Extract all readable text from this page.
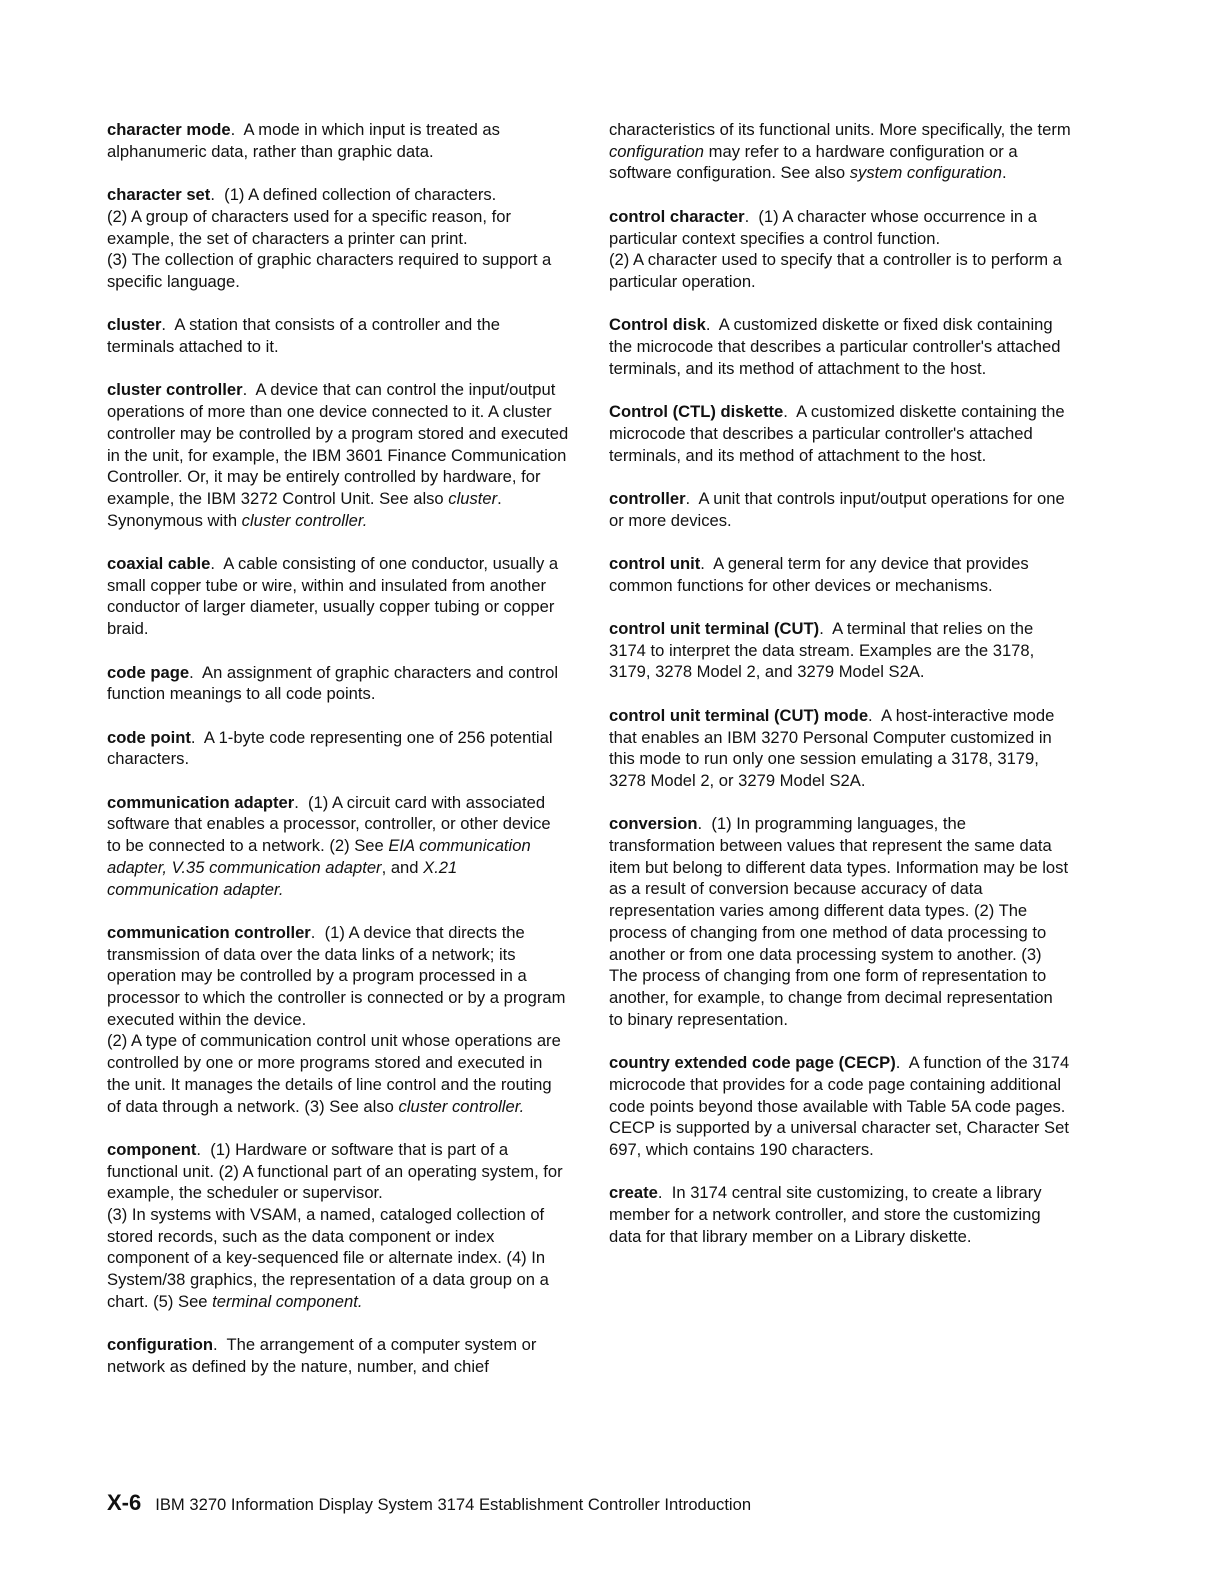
character mode.  A mode in which input is treated as alphanumeric data, rather than graphic data.

character set.  (1) A defined collection of characters.
(2) A group of characters used for a specific reason, for example, the set of characters a printer can print.
(3) The collection of graphic characters required to support a specific language.

cluster.  A station that consists of a controller and the terminals attached to it.

cluster controller.  A device that can control the input/output operations of more than one device connected to it. A cluster controller may be controlled by a program stored and executed in the unit, for example, the IBM 3601 Finance Communication Controller. Or, it may be entirely controlled by hardware, for example, the IBM 3272 Control Unit. See also cluster. Synonymous with cluster controller.

coaxial cable.  A cable consisting of one conductor, usually a small copper tube or wire, within and insulated from another conductor of larger diameter, usually copper tubing or copper braid.

code page.  An assignment of graphic characters and control function meanings to all code points.

code point.  A 1-byte code representing one of 256 potential characters.

communication adapter.  (1) A circuit card with associated software that enables a processor, controller, or other device to be connected to a network. (2) See EIA communication adapter, V.35 communication adapter, and X.21 communication adapter.

communication controller.  (1) A device that directs the transmission of data over the data links of a network; its operation may be controlled by a program processed in a processor to which the controller is connected or by a program executed within the device.
(2) A type of communication control unit whose operations are controlled by one or more programs stored and executed in the unit. It manages the details of line control and the routing of data through a network. (3) See also cluster controller.

component.  (1) Hardware or software that is part of a functional unit. (2) A functional part of an operating system, for example, the scheduler or supervisor.
(3) In systems with VSAM, a named, cataloged collection of stored records, such as the data component or index component of a key-sequenced file or alternate index. (4) In System/38 graphics, the representation of a data group on a chart. (5) See terminal component.

configuration.  The arrangement of a computer system or network as defined by the nature, number, and chief

characteristics of its functional units. More specifically, the term configuration may refer to a hardware configuration or a software configuration. See also system configuration.

control character.  (1) A character whose occurrence in a particular context specifies a control function.
(2) A character used to specify that a controller is to perform a particular operation.

Control disk.  A customized diskette or fixed disk containing the microcode that describes a particular controller's attached terminals, and its method of attachment to the host.

Control (CTL) diskette.  A customized diskette containing the microcode that describes a particular controller's attached terminals, and its method of attachment to the host.

controller.  A unit that controls input/output operations for one or more devices.

control unit.  A general term for any device that provides common functions for other devices or mechanisms.

control unit terminal (CUT).  A terminal that relies on the 3174 to interpret the data stream. Examples are the 3178, 3179, 3278 Model 2, and 3279 Model S2A.

control unit terminal (CUT) mode.  A host-interactive mode that enables an IBM 3270 Personal Computer customized in this mode to run only one session emulating a 3178, 3179, 3278 Model 2, or 3279 Model S2A.

conversion.  (1) In programming languages, the transformation between values that represent the same data item but belong to different data types. Information may be lost as a result of conversion because accuracy of data representation varies among different data types. (2) The process of changing from one method of data processing to another or from one data processing system to another. (3) The process of changing from one form of representation to another, for example, to change from decimal representation to binary representation.

country extended code page (CECP).  A function of the 3174 microcode that provides for a code page containing additional code points beyond those available with Table 5A code pages. CECP is supported by a universal character set, Character Set 697, which contains 190 characters.

create.  In 3174 central site customizing, to create a library member for a network controller, and store the customizing data for that library member on a Library diskette.

X-6 IBM 3270 Information Display System 3174 Establishment Controller Introduction
